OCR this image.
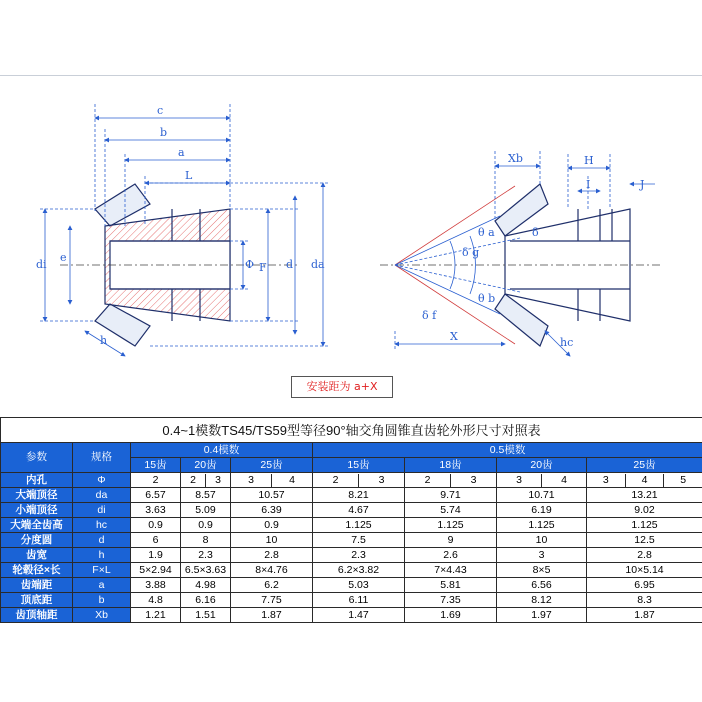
c
b
a
L
di
e
Φ F d da
h
Xb	H
I	J
X	hc
δ f
δ g
θ a
θ b
δ
安装距为 a+X
0.4~1模数TS45/TS59型等径90°轴交角圆锥直齿轮外形尺寸对照表								
参数	规格	0.4模数			0.5模数			
		15齿	20齿	25齿	15齿	18齿	20齿	25齿
内孔	Φ	2	2 3	3 4	2 3	2 3	3 4	3 4 5

大端顶径	da	6.57	8.57	10.57	8.21	9.71	10.71	13.21
小端顶径	di	3.63	5.09	6.39	4.67	5.74	6.19	9.02
大端全齿高	hc	0.9	0.9	0.9	1.125	1.125	1.125	1.125
分度圆	d	6	8	10	7.5	9	10	12.5
齿宽	h	1.9	2.3	2.8	2.3	2.6	3	2.8
轮毂径×长	F×L	5×2.94	6.5×3.63	8×4.76	6.2×3.82	7×4.43	8×5	10×5.14
齿端距	a	3.88	4.98	6.2	5.03	5.81	6.56	6.95
顶底距	b	4.8	6.16	7.75	6.11	7.35	8.12	8.3
齿顶轴距	Xb	1.21	1.51	1.87	1.47	1.69	1.97	1.87
